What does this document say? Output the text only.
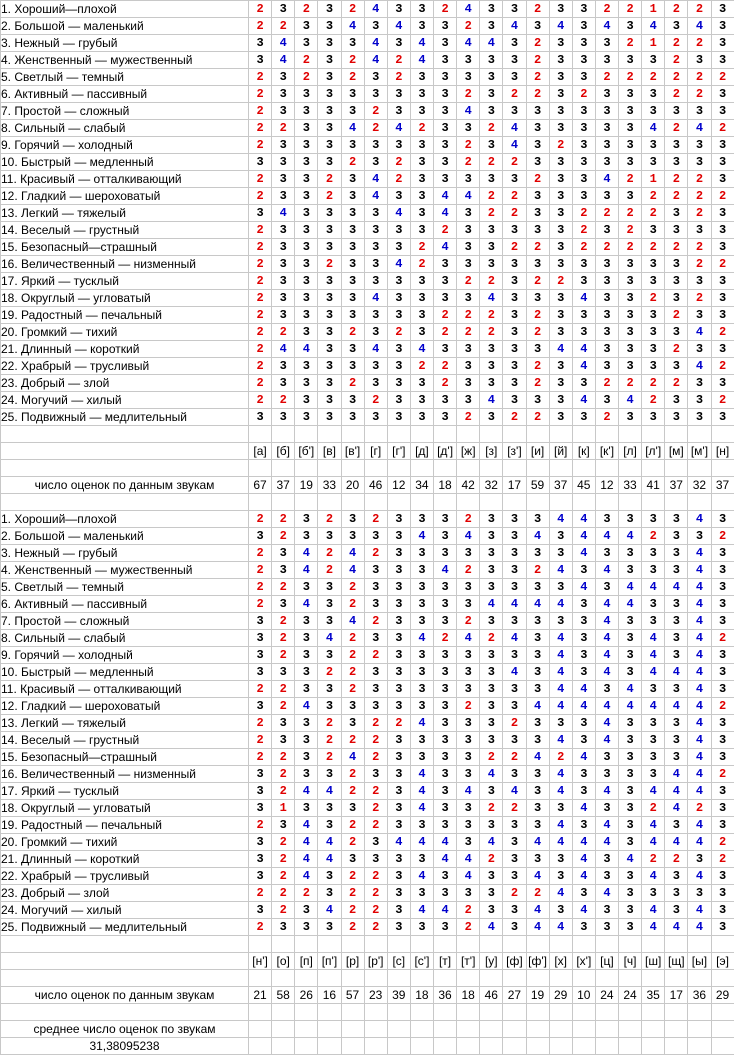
1. Хороший—плохой	2	3	2	3	2	4	3	3	2	4	3	3	2	3	3	2	2	1	2	2	3
2. Большой — маленький	2	2	3	3	4	3	4	3	3	2	3	4	3	4	3	4	3	4	3	4	3
3. Нежный — грубый	3	4	3	3	3	4	3	4	3	4	4	3	2	3	3	3	2	1	2	2	3
4. Женственный — мужественный	3	4	2	3	2	4	2	4	3	3	3	3	2	3	3	3	3	3	2	3	3
5. Светлый — темный	2	3	2	3	2	3	2	3	3	3	3	3	2	3	3	2	2	2	2	2	2
6. Активный — пассивный	2	3	3	3	3	3	3	3	3	2	3	2	2	3	2	3	3	3	2	2	3
7. Простой — сложный	2	3	3	3	3	2	3	3	3	4	3	3	3	3	3	3	3	3	3	3	3
8. Сильный — слабый	2	2	3	3	4	2	4	2	3	3	2	4	3	3	3	3	3	4	2	4	2
9. Горячий — холодный	2	3	3	3	3	3	3	3	3	2	3	4	3	2	3	3	3	3	3	3	3
10. Быстрый — медленный	3	3	3	3	2	3	2	3	3	2	2	2	3	3	3	3	3	3	3	3	3
11. Красивый — отталкивающий	2	3	3	2	3	4	2	3	3	3	3	3	2	3	3	4	2	1	2	2	3
12. Гладкий — шероховатый	2	3	3	2	3	4	3	3	4	4	2	2	3	3	3	3	3	2	2	2	2
13. Легкий — тяжелый	3	4	3	3	3	3	4	3	4	3	2	2	3	3	2	2	2	2	3	2	3
14. Веселый — грустный	2	3	3	3	3	3	3	3	2	3	3	3	3	3	2	3	2	3	3	3	3
15. Безопасный—страшный	2	3	3	3	3	3	3	2	4	3	3	2	2	3	2	2	2	2	2	2	3
16. Величественный — низменный	2	3	3	2	3	3	4	2	3	3	3	3	3	3	3	3	3	3	3	2	2
17. Яркий — тусклый	2	3	3	3	3	3	3	3	3	2	2	3	2	2	3	3	3	3	3	3	3
18. Округлый — угловатый	2	3	3	3	3	4	3	3	3	3	4	3	3	3	4	3	3	2	3	2	3
19. Радостный — печальный	2	3	3	3	3	3	3	3	2	2	2	3	2	3	3	3	3	3	2	3	3
20. Громкий — тихий	2	2	3	3	2	3	2	3	2	2	2	3	2	3	3	3	3	3	3	4	2
21. Длинный — короткий	2	4	4	3	3	4	3	4	3	3	3	3	3	4	4	3	3	3	2	3	3
22. Храбрый — трусливый	2	3	3	3	3	3	3	2	2	3	3	3	2	3	4	3	3	3	3	4	2
23. Добрый — злой	2	3	3	3	2	3	3	3	2	3	3	3	2	3	3	2	2	2	2	3	3
24. Могучий — хилый	2	2	3	3	3	2	3	3	3	3	4	3	3	3	4	3	4	2	3	3	2
25. Подвижный — медлительный	3	3	3	3	3	3	3	3	3	2	3	2	2	3	3	2	3	3	3	3	3

	[а]	[б]	[б']	[в]	[в']	[г]	[г']	[д]	[д']	[ж]	[з]	[з']	[и]	[й]	[к]	[к']	[л]	[л']	[м]	[м']	[н]

число оценок по данным звукам	67	37	19	33	20	46	12	34	18	42	32	17	59	37	45	12	33	41	37	32	37

1. Хороший—плохой	2	2	3	2	3	2	3	3	3	2	3	3	3	4	4	3	3	3	3	4	3
2. Большой — маленький	3	2	3	3	3	3	3	4	3	4	3	3	4	3	4	4	4	2	3	3	2
3. Нежный — грубый	2	3	4	2	4	2	3	3	3	3	3	3	3	3	4	3	3	3	3	4	3
4. Женственный — мужественный	2	3	4	2	4	3	3	3	4	2	3	3	2	4	3	4	3	3	3	4	3
5. Светлый — темный	2	2	3	3	2	3	3	3	3	3	3	3	3	3	4	3	4	4	4	4	3
6. Активный — пассивный	2	3	4	3	2	3	3	3	3	3	4	4	4	4	3	4	4	3	3	4	3
7. Простой — сложный	3	2	3	3	4	2	3	3	3	2	3	3	3	3	3	4	3	3	3	4	3
8. Сильный — слабый	3	2	3	4	2	3	3	4	2	4	2	4	3	4	3	4	3	4	3	4	2
9. Горячий — холодный	3	2	3	3	2	2	3	3	3	3	3	3	3	4	3	4	3	4	3	4	3
10. Быстрый — медленный	3	3	3	2	2	3	3	3	3	3	3	4	3	4	3	4	3	4	4	4	3
11. Красивый — отталкивающий	2	2	3	3	2	3	3	3	3	3	3	3	3	4	4	3	4	3	3	4	3
12. Гладкий — шероховатый	3	2	4	3	3	3	3	3	3	2	3	3	4	4	4	4	4	4	4	4	2
13. Легкий — тяжелый	2	3	3	2	3	2	2	4	3	3	3	2	3	3	3	4	3	3	3	4	3
14. Веселый — грустный	2	3	3	2	2	2	3	3	3	3	3	3	3	4	3	4	3	3	3	4	3
15. Безопасный—страшный	2	2	3	2	4	2	3	3	3	3	2	2	4	2	4	3	3	3	3	4	3
16. Величественный — низменный	3	2	3	3	2	3	3	4	3	3	4	3	3	4	3	3	3	3	4	4	2
17. Яркий — тусклый	3	2	4	4	2	2	3	4	3	4	3	4	3	4	3	4	3	4	4	4	3
18. Округлый — угловатый	3	1	3	3	3	2	3	4	3	3	2	2	3	3	4	3	3	2	4	2	3
19. Радостный — печальный	2	3	4	3	2	2	3	3	3	3	3	3	3	4	3	4	3	4	3	4	3
20. Громкий — тихий	3	2	4	4	2	3	4	4	4	3	4	3	4	4	4	4	3	4	4	4	2
21. Длинный — короткий	3	2	4	4	3	3	3	3	4	4	2	3	3	3	4	3	4	2	2	3	2
22. Храбрый — трусливый	3	2	4	3	2	2	3	4	3	4	3	3	4	3	4	3	3	4	3	4	3
23. Добрый — злой	2	2	2	3	2	2	3	3	3	3	3	2	2	4	3	4	3	3	3	3	3
24. Могучий — хилый	3	2	3	4	2	2	3	4	4	2	3	3	4	3	4	3	3	4	3	4	3
25. Подвижный — медлительный	2	3	3	3	2	2	3	3	3	2	4	3	4	4	3	3	3	4	4	4	3

	[н']	[о]	[п]	[п']	[р]	[р']	[с]	[с']	[т]	[т']	[у]	[ф]	[ф']	[х]	[х']	[ц]	[ч]	[ш]	[щ]	[ы]	[э]

число оценок по данным звукам	21	58	26	16	57	23	39	18	36	18	46	27	19	29	10	24	24	35	17	36	29

среднее число оценок по звукам																					
31,38095238																					
